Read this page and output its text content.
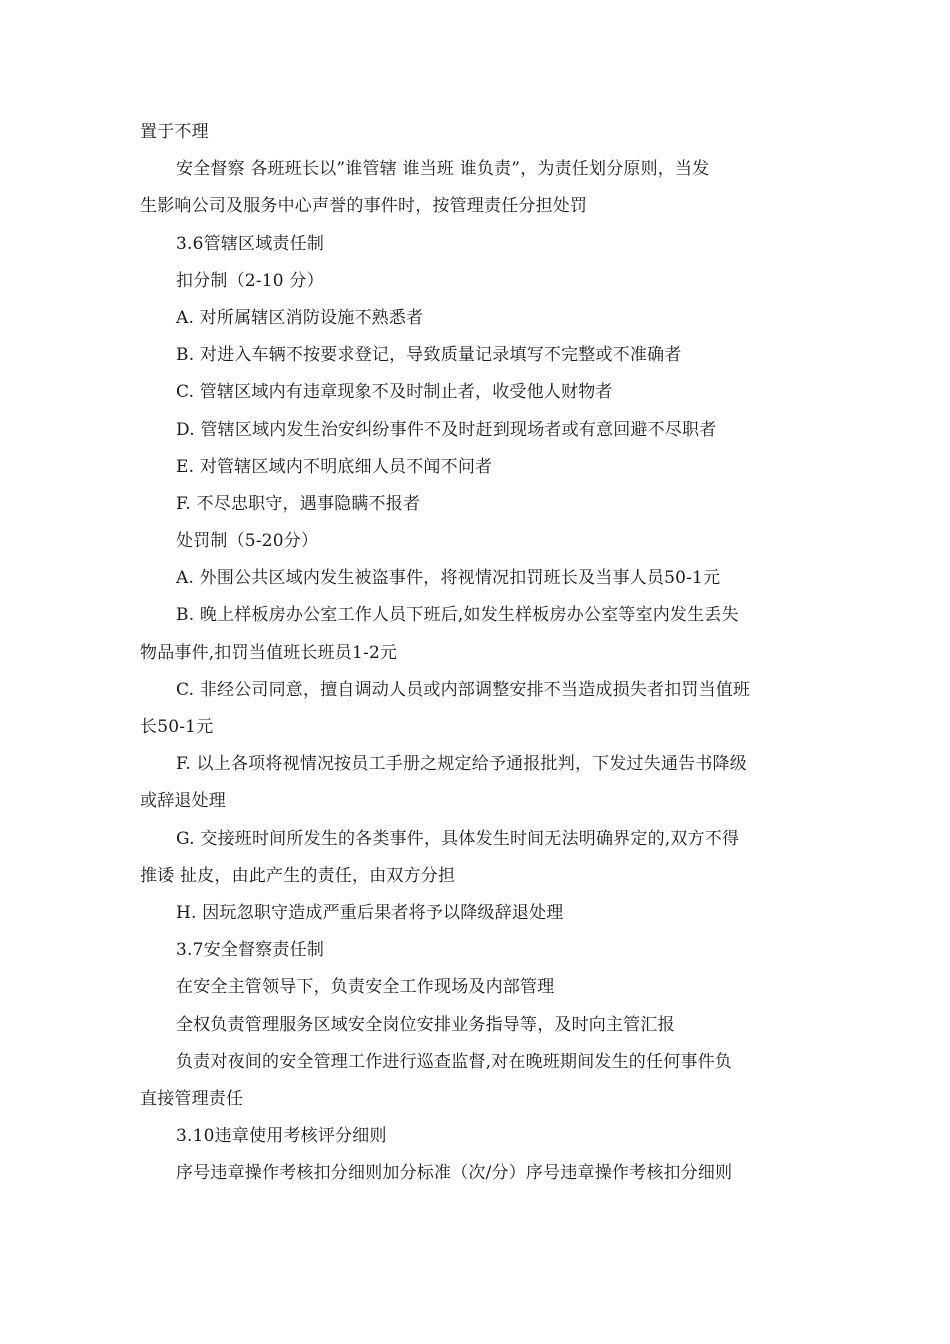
置于不理
安全督察 各班班长以”谁管辖 谁当班 谁负责”，为责任划分原则，当发
生影响公司及服务中心声誉的事件时，按管理责任分担处罚
3.6管辖区域责任制
扣分制（2-10 分）
A. 对所属辖区消防设施不熟悉者
B. 对进入车辆不按要求登记，导致质量记录填写不完整或不准确者
C. 管辖区域内有违章现象不及时制止者，收受他人财物者
D. 管辖区域内发生治安纠纷事件不及时赶到现场者或有意回避不尽职者
E. 对管辖区域内不明底细人员不闻不问者
F. 不尽忠职守，遇事隐瞒不报者
处罚制（5-20分）
A. 外围公共区域内发生被盗事件，将视情况扣罚班长及当事人员50-1元
B. 晚上样板房办公室工作人员下班后,如发生样板房办公室等室内发生丢失
物品事件,扣罚当值班长班员1-2元
C. 非经公司同意，擅自调动人员或内部调整安排不当造成损失者扣罚当值班
长50-1元
F. 以上各项将视情况按员工手册之规定给予通报批判，下发过失通告书降级
或辞退处理
G. 交接班时间所发生的各类事件，具体发生时间无法明确界定的,双方不得
推诿 扯皮，由此产生的责任，由双方分担
H. 因玩忽职守造成严重后果者将予以降级辞退处理
3.7安全督察责任制
在安全主管领导下，负责安全工作现场及内部管理
全权负责管理服务区域安全岗位安排业务指导等，及时向主管汇报
负责对夜间的安全管理工作进行巡查监督,对在晚班期间发生的任何事件负
直接管理责任
3.10违章使用考核评分细则
序号违章操作考核扣分细则加分标准（次/分）序号违章操作考核扣分细则
